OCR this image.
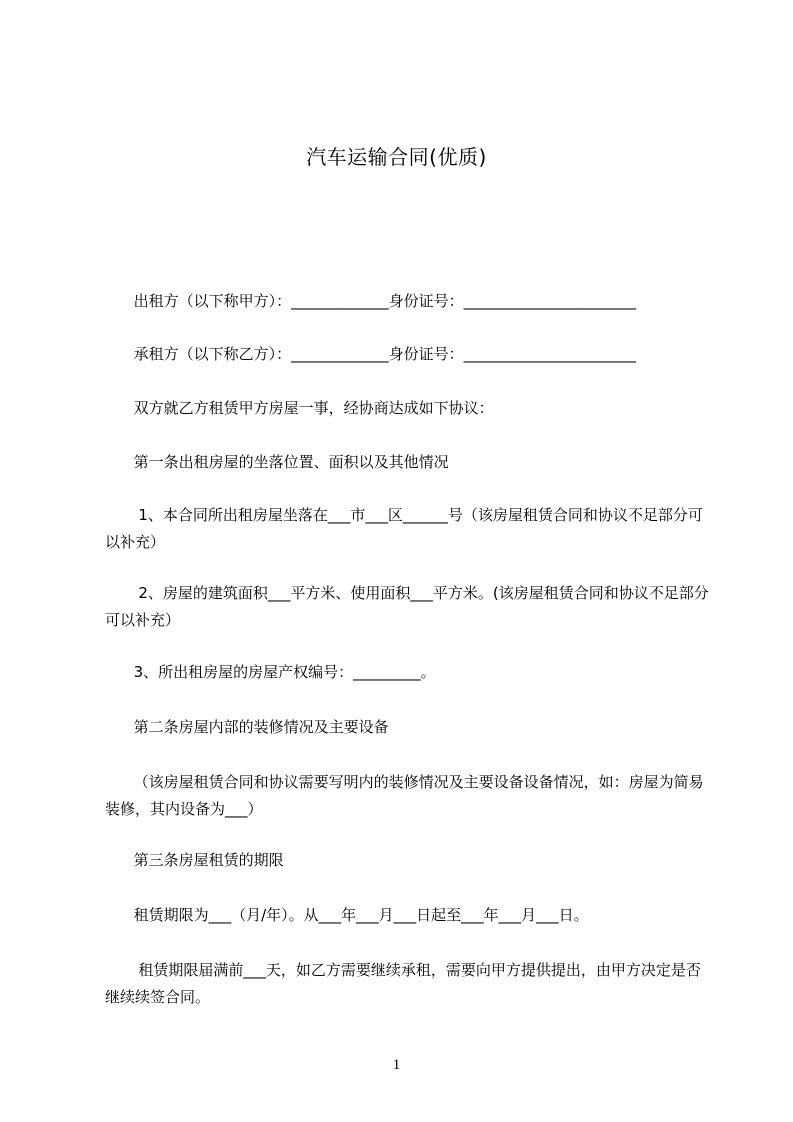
汽车运输合同(优质)
出租方（以下称甲方）：_____________身份证号：_______________________
承租方（以下称乙方）：_____________身份证号：_______________________
双方就乙方租赁甲方房屋一事，经协商达成如下协议：
第一条出租房屋的坐落位置、面积以及其他情况
1、本合同所出租房屋坐落在___市___区______号（该房屋租赁合同和协议不足部分可以补充）
2、房屋的建筑面积___平方米、使用面积___平方米。(该房屋租赁合同和协议不足部分可以补充）
3、所出租房屋的房屋产权编号：_________。
第二条房屋内部的装修情况及主要设备
（该房屋租赁合同和协议需要写明内的装修情况及主要设备设备情况，如：房屋为简易装修，其内设备为___）
第三条房屋租赁的期限
租赁期限为___（月/年）。从___年___月___日起至___年___月___日。
租赁期限届满前___天，如乙方需要继续承租，需要向甲方提供提出，由甲方决定是否继续续签合同。
1
